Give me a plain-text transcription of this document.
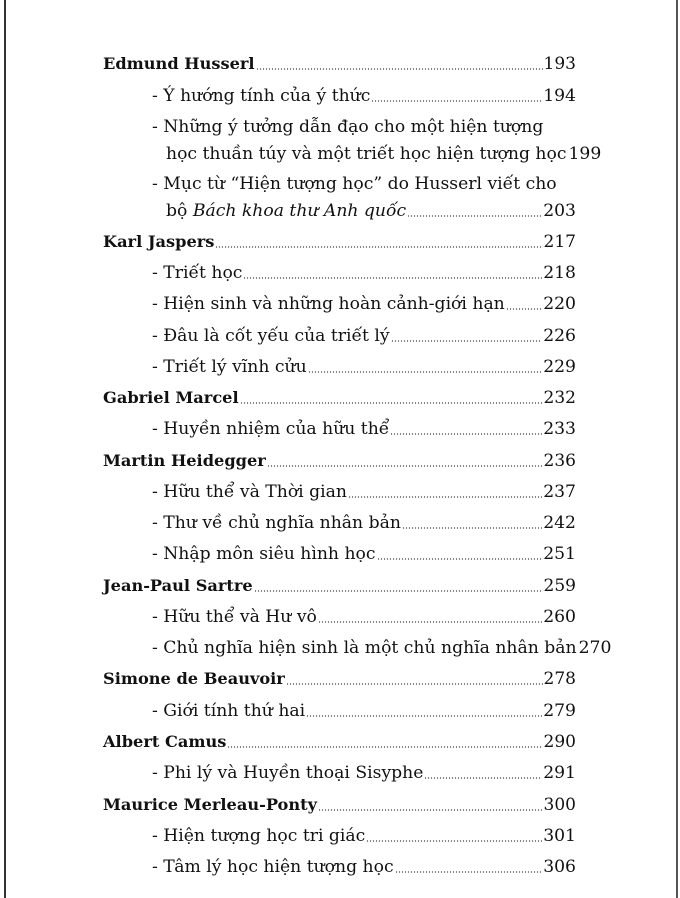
Edmund Husserl	193
- Ý hướng tính của ý thức	194
- Những ý tưởng dẫn đạo cho một hiện tượng
học thuần túy và một triết học hiện tượng học 199
- Mục từ “Hiện tượng học” do Husserl viết cho
bộ Bách khoa thư Anh quốc	203
Karl Jaspers	217
- Triết học	218
- Hiện sinh và những hoàn cảnh-giới hạn 220
- Đâu là cốt yếu của triết lý	226
- Triết lý vĩnh cửu	229
Gabriel Marcel	232
- Huyền nhiệm của hữu thể	233
Martin Heidegger	236
- Hữu thể và Thời gian	237
- Thư về chủ nghĩa nhân bản	242
- Nhập môn siêu hình học	251
Jean-Paul Sartre	259
- Hữu thể và Hư vô	260
- Chủ nghĩa hiện sinh là một chủ nghĩa nhân bản 270
Simone de Beauvoir	278
- Giới tính thứ hai	279
Albert Camus	290
- Phi lý và Huyền thoại Sisyphe	291
Maurice Merleau-Ponty	300
- Hiện tượng học tri giác	301
- Tâm lý học hiện tượng học	306
